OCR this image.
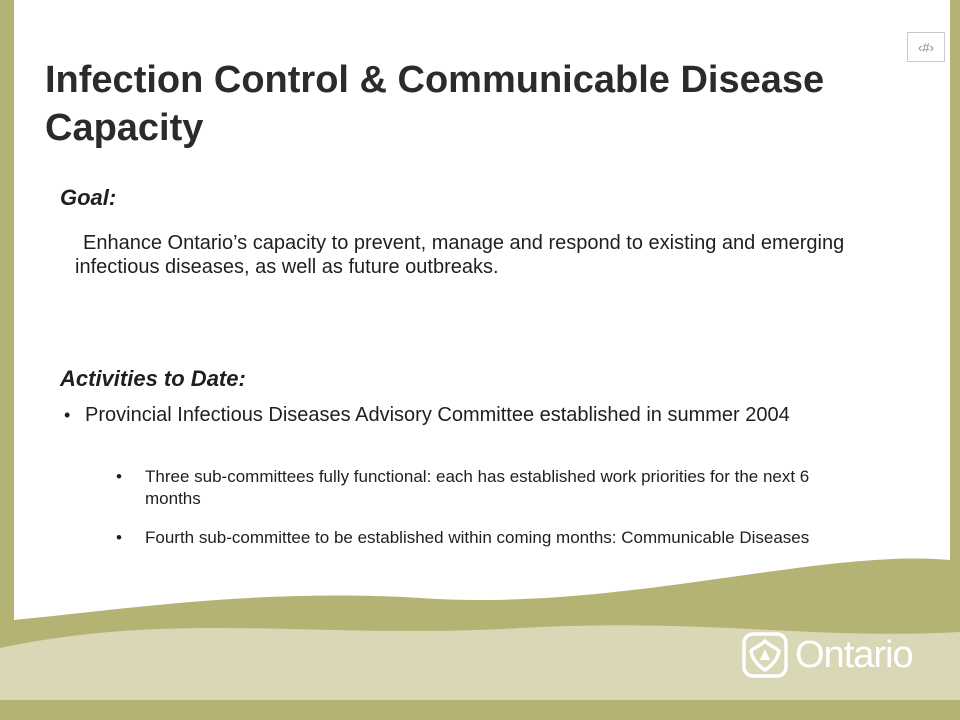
‹#›
Infection Control & Communicable Disease Capacity
Goal:

Enhance Ontario’s capacity to prevent, manage and respond to existing and emerging infectious diseases, as well as future outbreaks.

Activities to Date:
• Provincial Infectious Diseases Advisory Committee established in summer 2004
• Three sub-committees fully functional: each has established work priorities for the next 6 months
• Fourth sub-committee to be established within coming months: Communicable Diseases
Ontario
